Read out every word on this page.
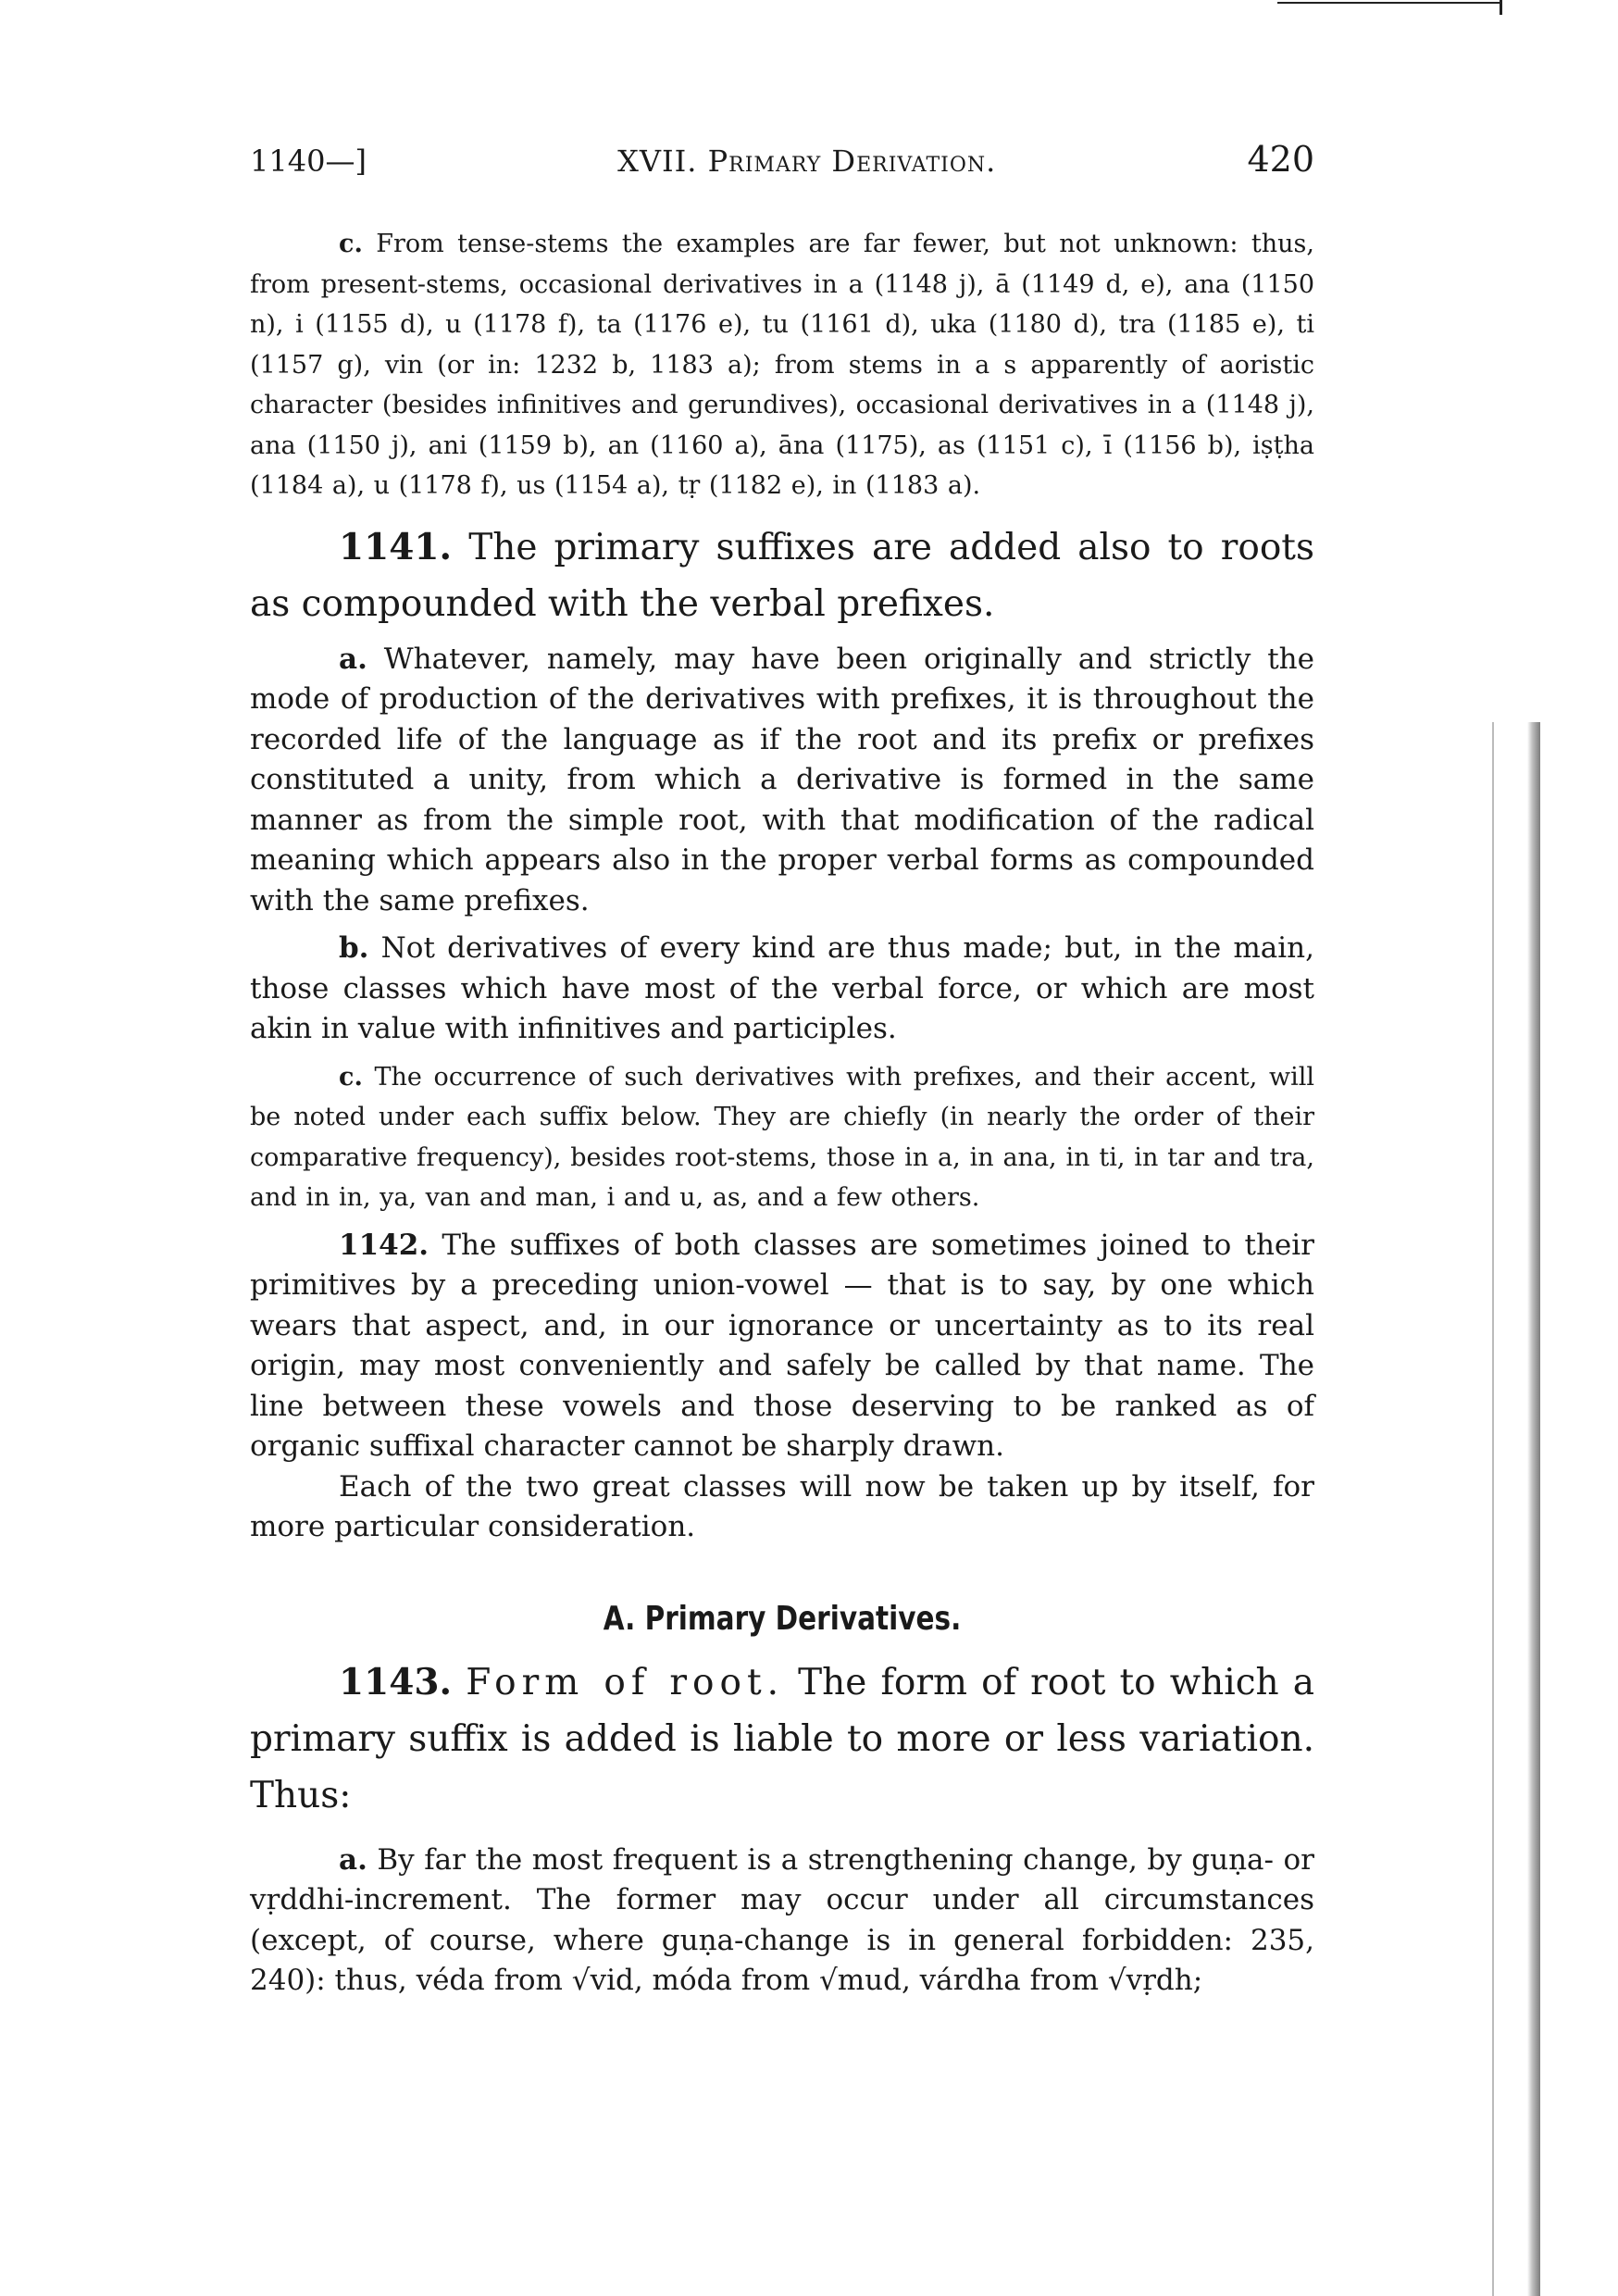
1140—]	XVII. Primary Derivation.	420

c. From tense-stems the examples are far fewer, but not unknown: thus, from present-stems, occasional derivatives in a (1148 j), ā (1149 d, e), ana (1150 n), i (1155 d), u (1178 f), ta (1176 e), tu (1161 d), uka (1180 d), tra (1185 e), ti (1157 g), vin (or in: 1232 b, 1183 a); from stems in a s apparently of aoristic character (besides infinitives and gerundives), occasional derivatives in a (1148 j), ana (1150 j), ani (1159 b), an (1160 a), āna (1175), as (1151 c), ī (1156 b), iṣṭha (1184 a), u (1178 f), us (1154 a), tṛ (1182 e), in (1183 a).

1141. The primary suffixes are added also to roots as compounded with the verbal prefixes.

a. Whatever, namely, may have been originally and strictly the mode of production of the derivatives with prefixes, it is throughout the recorded life of the language as if the root and its prefix or prefixes constituted a unity, from which a derivative is formed in the same manner as from the simple root, with that modification of the radical meaning which appears also in the proper verbal forms as compounded with the same prefixes.

b. Not derivatives of every kind are thus made; but, in the main, those classes which have most of the verbal force, or which are most akin in value with infinitives and participles.

c. The occurrence of such derivatives with prefixes, and their accent, will be noted under each suffix below. They are chiefly (in nearly the order of their comparative frequency), besides root-stems, those in a, in ana, in ti, in tar and tra, and in in, ya, van and man, i and u, as, and a few others.

1142. The suffixes of both classes are sometimes joined to their primitives by a preceding union-vowel — that is to say, by one which wears that aspect, and, in our ignorance or uncertainty as to its real origin, may most conveniently and safely be called by that name. The line between these vowels and those deserving to be ranked as of organic suffixal character cannot be sharply drawn.

Each of the two great classes will now be taken up by itself, for more particular consideration.

A. Primary Derivatives.

1143. Form of root. The form of root to which a primary suffix is added is liable to more or less variation. Thus:

a. By far the most frequent is a strengthening change, by guṇa- or vṛddhi-increment. The former may occur under all circumstances (except, of course, where guṇa-change is in general forbidden: 235, 240): thus, véda from √vid, móda from √mud, várdha from √vṛdh;
